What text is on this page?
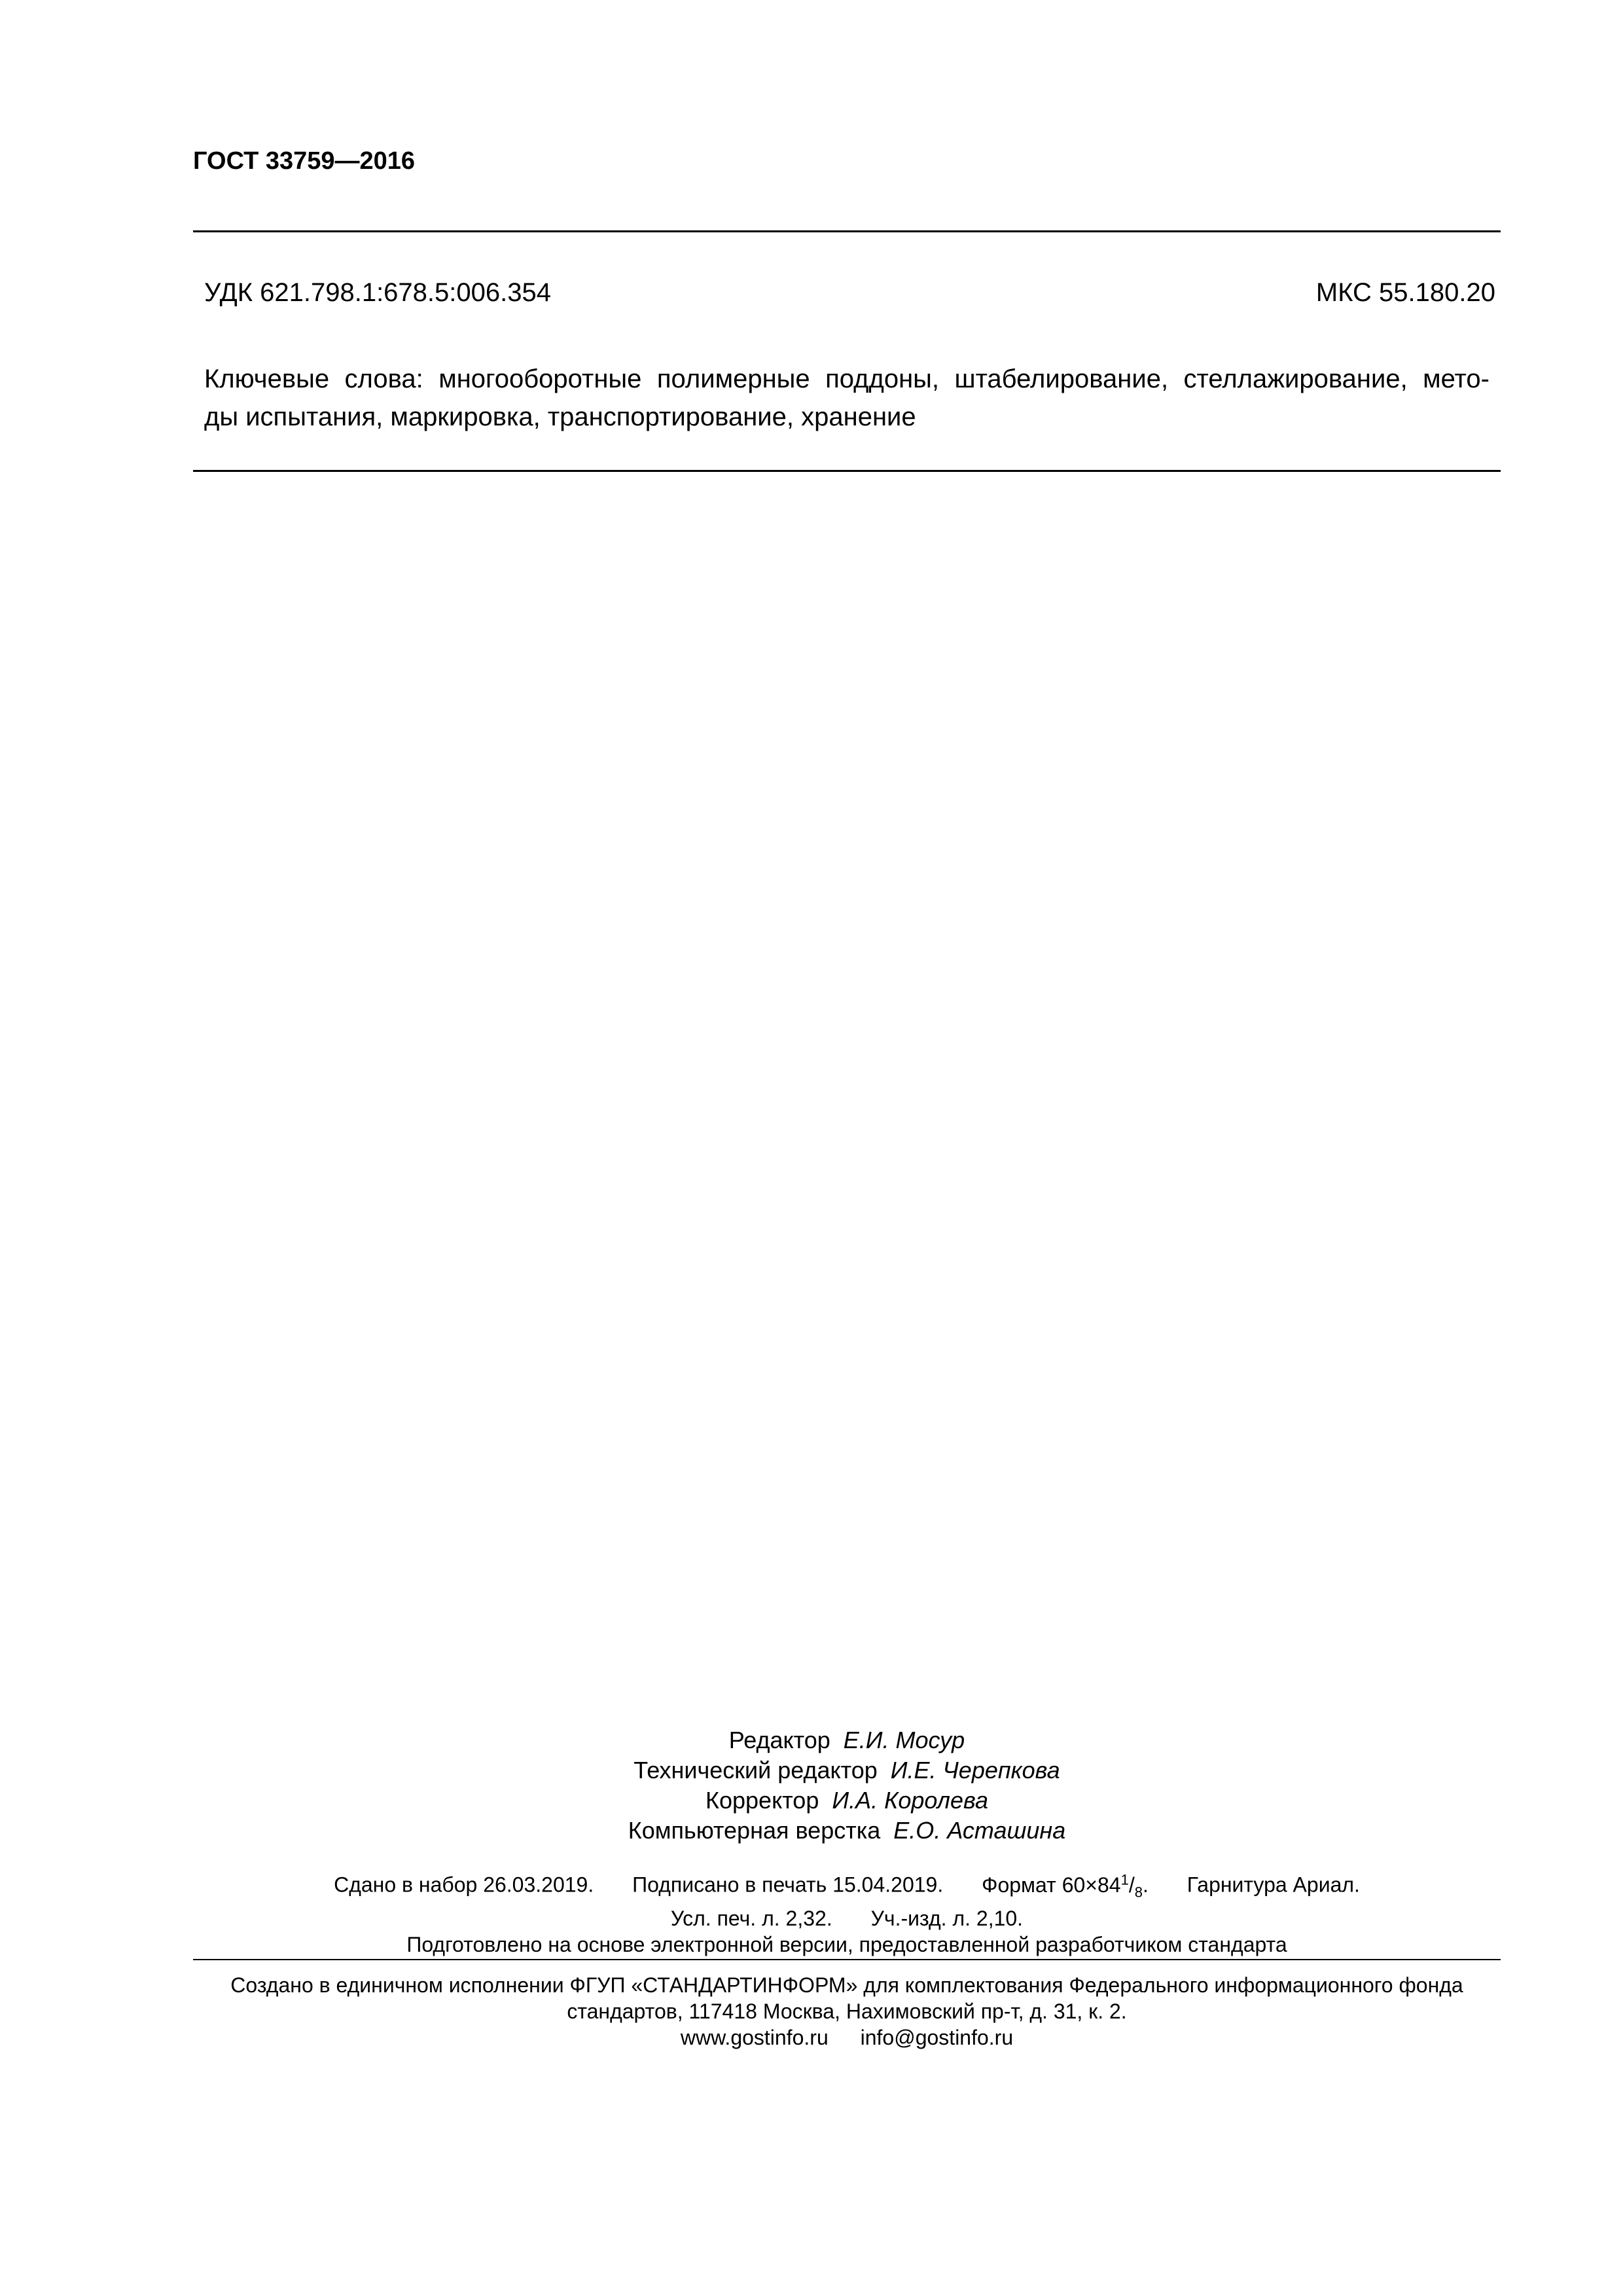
ГОСТ 33759—2016
УДК 621.798.1:678.5:006.354	МКС 55.180.20
Ключевые слова: многооборотные полимерные поддоны, штабелирование, стеллажирование, мето-
ды испытания, маркировка, транспортирование, хранение
Редактор Е.И. Мосур
Технический редактор И.Е. Черепкова
Корректор И.А. Королева
Компьютерная верстка Е.О. Асташина
Сдано в набор 26.03.2019. Подписано в печать 15.04.2019. Формат $60\times 84^1/_8$. Гарнитура Ариал.
Усл. печ. л. 2,32. Уч.-изд. л. 2,10.
Подготовлено на основе электронной версии, предоставленной разработчиком стандарта
Создано в единичном исполнении ФГУП «СТАНДАРТИНФОРМ» для комплектования Федерального информационного фонда
стандартов, 117418 Москва, Нахимовский пр-т, д. 31, к. 2.
www.gostinfo.ru info@gostinfo.ru
